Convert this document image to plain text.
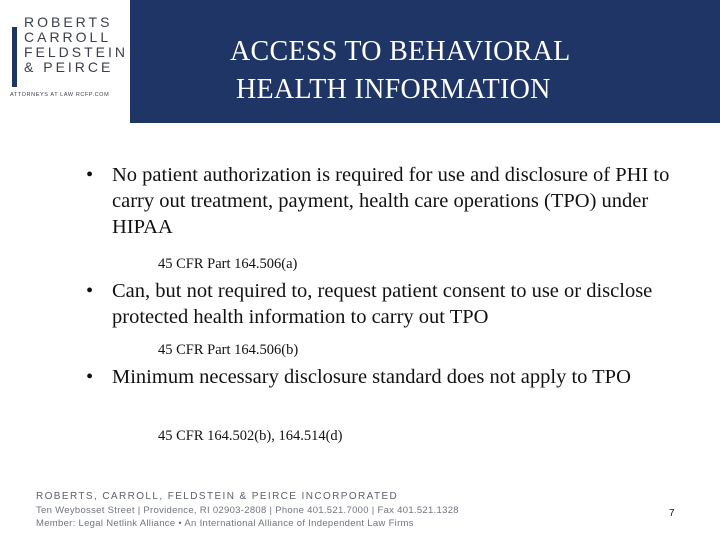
ROBERTS
CARROLL
FELDSTEIN
& PEIRCE
ATTORNEYS AT LAW RCFP.COM
ACCESS TO BEHAVIORAL
HEALTH INFORMATION
• No patient authorization is required for use and disclosure of PHI to carry out treatment, payment, health care operations (TPO) under HIPAA
45 CFR Part 164.506(a)
• Can, but not required to, request patient consent to use or disclose protected health information to carry out TPO
45 CFR Part 164.506(b)
• Minimum necessary disclosure standard does not apply to TPO
45 CFR 164.502(b), 164.514(d)
ROBERTS, CARROLL, FELDSTEIN & PEIRCE INCORPORATED
Ten Weybosset Street | Providence, RI 02903-2808 | Phone 401.521.7000 | Fax 401.521.1328
Member: Legal Netlink Alliance • An International Alliance of Independent Law Firms
7
